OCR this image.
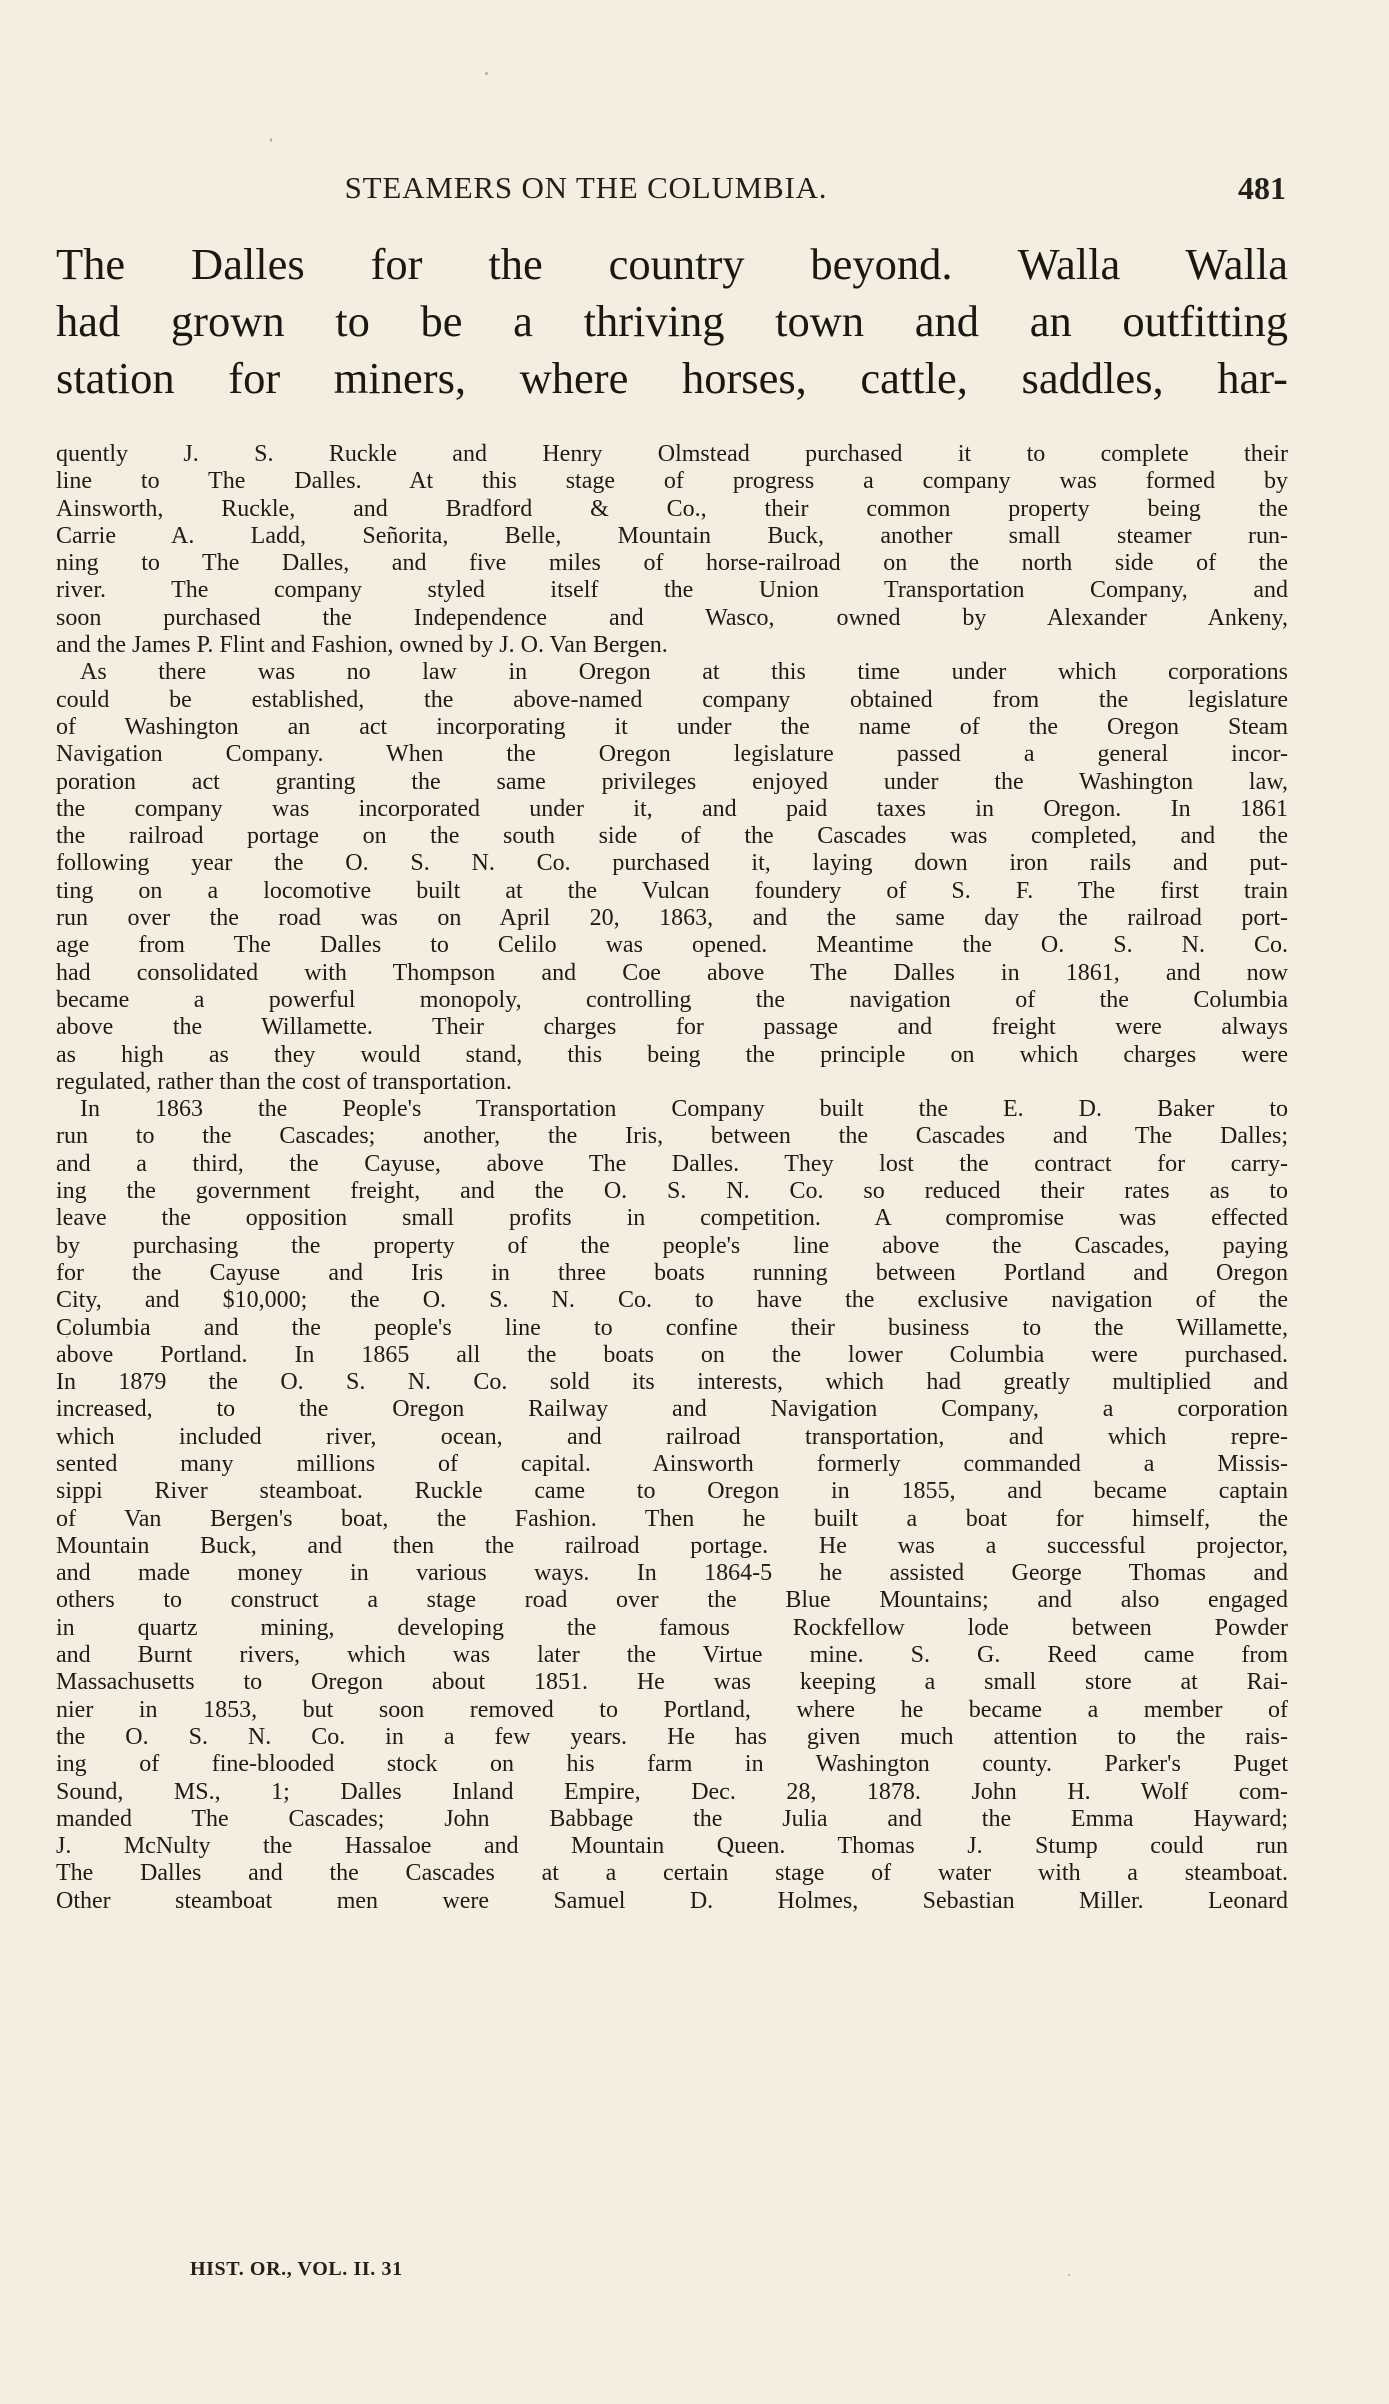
STEAMERS ON THE COLUMBIA.	481

The Dalles for the country beyond. Walla Walla

had grown to be a thriving town and an outfitting

station for miners, where horses, cattle, saddles, har-

quently J. S. Ruckle and Henry Olmstead purchased it to complete their
line to The Dalles. At this stage of progress a company was formed by
Ainsworth, Ruckle, and Bradford & Co., their common property being the
Carrie A. Ladd, Señorita, Belle, Mountain Buck, another small steamer run-
ning to The Dalles, and five miles of horse-railroad on the north side of the
river. The company styled itself the Union Transportation Company, and
soon purchased the Independence and Wasco, owned by Alexander Ankeny,
and the James P. Flint and Fashion, owned by J. O. Van Bergen.
As there was no law in Oregon at this time under which corporations
could be established, the above-named company obtained from the legislature
of Washington an act incorporating it under the name of the Oregon Steam
Navigation Company. When the Oregon legislature passed a general incor-
poration act granting the same privileges enjoyed under the Washington law,
the company was incorporated under it, and paid taxes in Oregon. In 1861
the railroad portage on the south side of the Cascades was completed, and the
following year the O. S. N. Co. purchased it, laying down iron rails and put-
ting on a locomotive built at the Vulcan foundery of S. F. The first train
run over the road was on April 20, 1863, and the same day the railroad port-
age from The Dalles to Celilo was opened. Meantime the O. S. N. Co.
had consolidated with Thompson and Coe above The Dalles in 1861, and now
became a powerful monopoly, controlling the navigation of the Columbia
above the Willamette. Their charges for passage and freight were always
as high as they would stand, this being the principle on which charges were
regulated, rather than the cost of transportation.
In 1863 the People's Transportation Company built the E. D. Baker to
run to the Cascades; another, the Iris, between the Cascades and The Dalles;
and a third, the Cayuse, above The Dalles. They lost the contract for carry-
ing the government freight, and the O. S. N. Co. so reduced their rates as to
leave the opposition small profits in competition. A compromise was effected
by purchasing the property of the people's line above the Cascades, paying
for the Cayuse and Iris in three boats running between Portland and Oregon
City, and $10,000; the O. S. N. Co. to have the exclusive navigation of the
Columbia and the people's line to confine their business to the Willamette,
above Portland. In 1865 all the boats on the lower Columbia were purchased.
In 1879 the O. S. N. Co. sold its interests, which had greatly multiplied and
increased, to the Oregon Railway and Navigation Company, a corporation
which included river, ocean, and railroad transportation, and which repre-
sented many millions of capital. Ainsworth formerly commanded a Missis-
sippi River steamboat. Ruckle came to Oregon in 1855, and became captain
of Van Bergen's boat, the Fashion. Then he built a boat for himself, the
Mountain Buck, and then the railroad portage. He was a successful projector,
and made money in various ways. In 1864-5 he assisted George Thomas and
others to construct a stage road over the Blue Mountains; and also engaged
in quartz mining, developing the famous Rockfellow lode between Powder
and Burnt rivers, which was later the Virtue mine. S. G. Reed came from
Massachusetts to Oregon about 1851. He was keeping a small store at Rai-
nier in 1853, but soon removed to Portland, where he became a member of
the O. S. N. Co. in a few years. He has given much attention to the rais-
ing of fine-blooded stock on his farm in Washington county. Parker's Puget
Sound, MS., 1; Dalles Inland Empire, Dec. 28, 1878. John H. Wolf com-
manded The Cascades; John Babbage the Julia and the Emma Hayward;
J. McNulty the Hassaloe and Mountain Queen. Thomas J. Stump could run
The Dalles and the Cascades at a certain stage of water with a steamboat.
Other steamboat men were Samuel D. Holmes, Sebastian Miller. Leonard
HIST. OR., VOL. II. 31
